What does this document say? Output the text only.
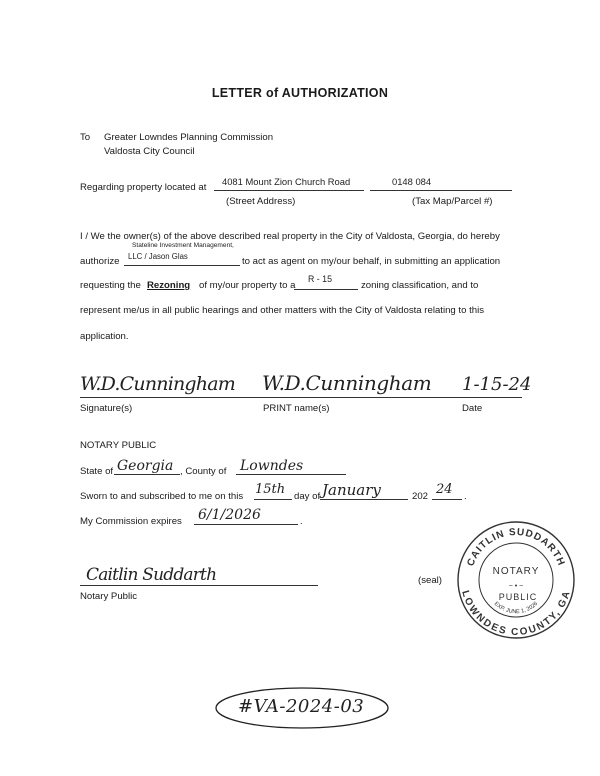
LETTER of AUTHORIZATION
To Greater Lowndes Planning Commission
Valdosta City Council
Regarding property located at
4081 Mount Zion Church Road	0148 084
(Street Address)	(Tax Map/Parcel #)
I / We the owner(s) of the above described real property in the City of Valdosta, Georgia, do hereby
Stateline Investment Management,
authorize LLC / Jason Glas	to act as agent on my/our behalf, in submitting an application
requesting the Rezoning of my/our property to a
R - 15
zoning classification, and to
represent me/us in all public hearings and other matters with the City of Valdosta relating to this
application.
W.D.Cunningham W.D.Cunningham 1-15-24
Signature(s)	PRINT name(s)	Date
NOTARY PUBLIC
State of Georgia , County of Lowndes
Sworn to and subscribed to me on this 15th day of January	202 24 .
My Commission expires 6/1/2026	.
Caitlin Suddarth	(seal)
Notary Public
CAITLIN SUDDARTH
LOWNDES COUNTY, GA
NOTARY
~ • ~
PUBLIC
EXP. JUNE 1, 2026
#VA-2024-03
